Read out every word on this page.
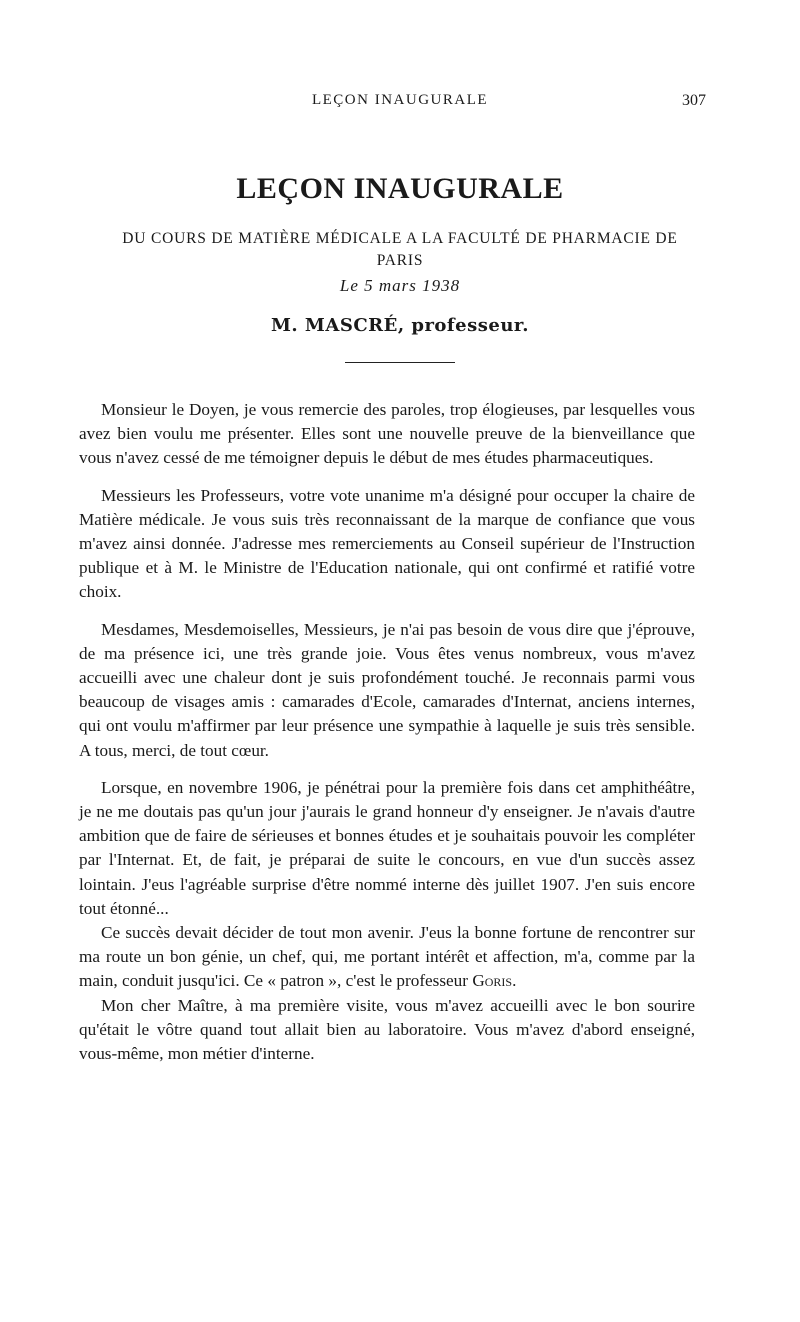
LEÇON INAUGURALE	307
LEÇON INAUGURALE
DU COURS DE MATIÈRE MÉDICALE A LA FACULTÉ DE PHARMACIE DE PARIS
Le 5 mars 1938
M. MASCRÉ, professeur.

Monsieur le Doyen, je vous remercie des paroles, trop élogieuses, par lesquelles vous avez bien voulu me présenter. Elles sont une nouvelle preuve de la bienveillance que vous n'avez cessé de me témoigner depuis le début de mes études pharmaceutiques.

Messieurs les Professeurs, votre vote unanime m'a désigné pour occuper la chaire de Matière médicale. Je vous suis très reconnaissant de la marque de confiance que vous m'avez ainsi donnée. J'adresse mes remerciements au Conseil supérieur de l'Instruction publique et à M. le Ministre de l'Education nationale, qui ont confirmé et ratifié votre choix.

Mesdames, Mesdemoiselles, Messieurs, je n'ai pas besoin de vous dire que j'éprouve, de ma présence ici, une très grande joie. Vous êtes venus nombreux, vous m'avez accueilli avec une chaleur dont je suis profondément touché. Je reconnais parmi vous beaucoup de visages amis : camarades d'Ecole, camarades d'Internat, anciens internes, qui ont voulu m'affirmer par leur présence une sympathie à laquelle je suis très sensible. A tous, merci, de tout cœur.

Lorsque, en novembre 1906, je pénétrai pour la première fois dans cet amphithéâtre, je ne me doutais pas qu'un jour j'aurais le grand honneur d'y enseigner. Je n'avais d'autre ambition que de faire de sérieuses et bonnes études et je souhaitais pouvoir les compléter par l'Internat. Et, de fait, je préparai de suite le concours, en vue d'un succès assez lointain. J'eus l'agréable surprise d'être nommé interne dès juillet 1907. J'en suis encore tout étonné...

Ce succès devait décider de tout mon avenir. J'eus la bonne fortune de rencontrer sur ma route un bon génie, un chef, qui, me portant intérêt et affection, m'a, comme par la main, conduit jusqu'ici. Ce « patron », c'est le professeur Goris.

Mon cher Maître, à ma première visite, vous m'avez accueilli avec le bon sourire qu'était le vôtre quand tout allait bien au laboratoire. Vous m'avez d'abord enseigné, vous-même, mon métier d'interne.
